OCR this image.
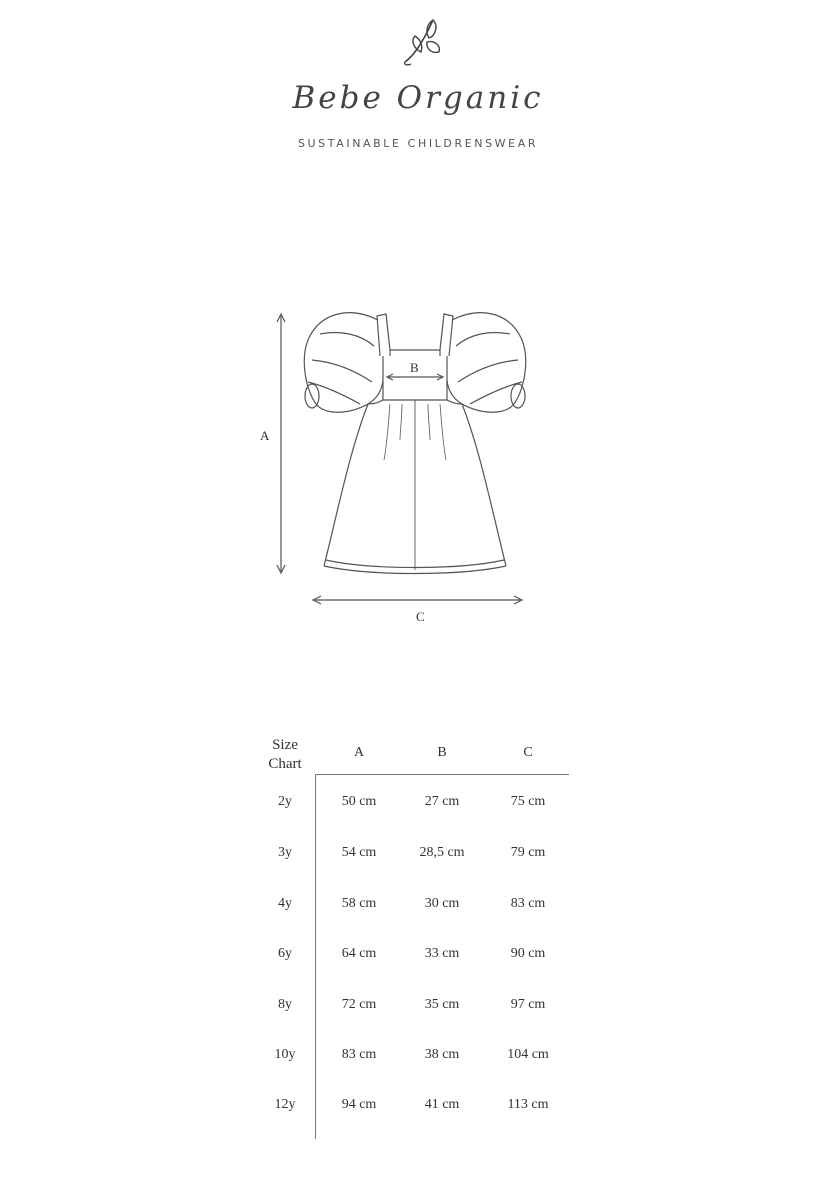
Bebe Organic
SUSTAINABLE CHILDRENSWEAR
A
B
C
Size
Chart
A	B	C
2y	50 cm	27 cm	75 cm
3y	54 cm	28,5 cm	79 cm
4y	58 cm	30 cm	83 cm
6y	64 cm	33 cm	90 cm
8y	72 cm	35 cm	97 cm
10y	83 cm	38 cm	104 cm
12y	94 cm	41 cm	113 cm
